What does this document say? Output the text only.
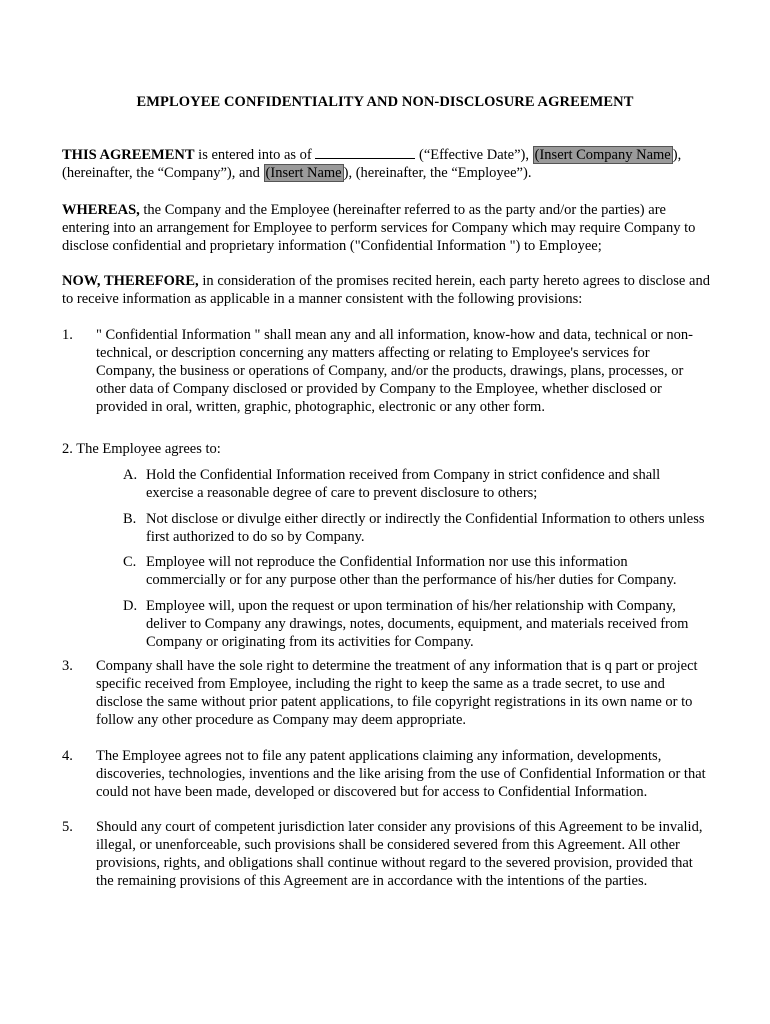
EMPLOYEE CONFIDENTIALITY AND NON-DISCLOSURE AGREEMENT
THIS AGREEMENT is entered into as of	(“Effective Date”), (Insert Company Name ),
(hereinafter, the “Company”), and (Insert Name ), (hereinafter, the “Employee”).
WHEREAS, the Company and the Employee (hereinafter referred to as the party and/or the parties) are entering into an arrangement for Employee to perform services for Company which may require Company to disclose confidential and proprietary information ("Confidential Information ") to Employee;
NOW, THEREFORE, in consideration of the promises recited herein, each party hereto agrees to disclose and to receive information as applicable in a manner consistent with the following provisions:
1. " Confidential Information " shall mean any and all information, know-how and data, technical or non-technical, or description concerning any matters affecting or relating to Employee's services for Company, the business or operations of Company, and/or the products, drawings, plans, processes, or other data of Company disclosed or provided by Company to the Employee, whether disclosed or provided in oral, written, graphic, photographic, electronic or any other form.
2. The Employee agrees to:
A. Hold the Confidential Information received from Company in strict confidence and shall exercise a reasonable degree of care to prevent disclosure to others;
B. Not disclose or divulge either directly or indirectly the Confidential Information to others unless first authorized to do so by Company.
C. Employee will not reproduce the Confidential Information nor use this information commercially or for any purpose other than the performance of his/her duties for Company.
D. Employee will, upon the request or upon termination of his/her relationship with Company, deliver to Company any drawings, notes, documents, equipment, and materials received from Company or originating from its activities for Company.
3. Company shall have the sole right to determine the treatment of any information that is q part or project specific received from Employee, including the right to keep the same as a trade secret, to use and disclose the same without prior patent applications, to file copyright registrations in its own name or to follow any other procedure as Company may deem appropriate.
4. The Employee agrees not to file any patent applications claiming any information, developments, discoveries, technologies, inventions and the like arising from the use of Confidential Information or that could not have been made, developed or discovered but for access to Confidential Information.
5. Should any court of competent jurisdiction later consider any provisions of this Agreement to be invalid, illegal, or unenforceable, such provisions shall be considered severed from this Agreement. All other provisions, rights, and obligations shall continue without regard to the severed provision, provided that the remaining provisions of this Agreement are in accordance with the intentions of the parties.
